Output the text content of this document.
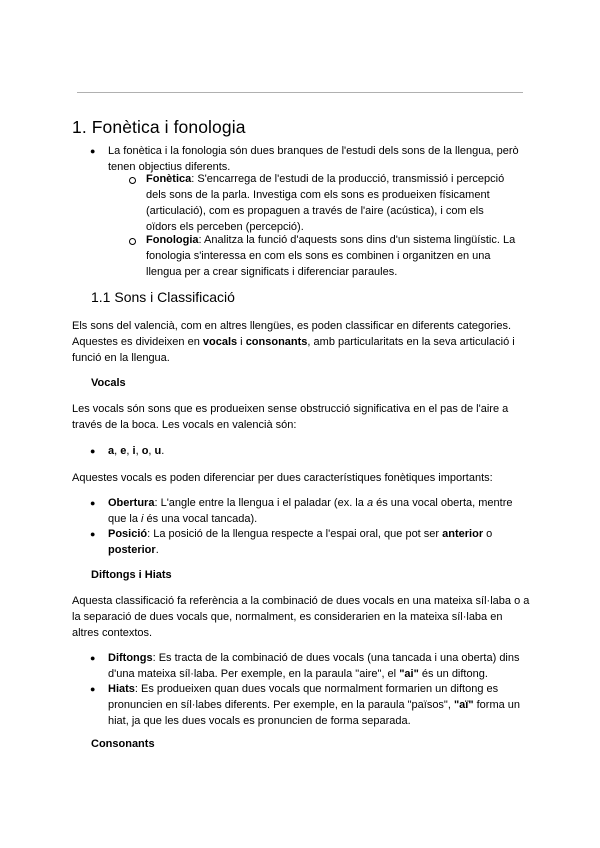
1. Fonètica i fonologia
● La fonètica i la fonologia són dues branques de l'estudi dels sons de la llengua, però tenen objectius diferents.
Fonètica: S'encarrega de l'estudi de la producció, transmissió i percepció dels sons de la parla. Investiga com els sons es produeixen físicament (articulació), com es propaguen a través de l'aire (acústica), i com els oïdors els perceben (percepció).
Fonologia: Analitza la funció d'aquests sons dins d'un sistema lingüístic. La fonologia s'interessa en com els sons es combinen i organitzen en una llengua per a crear significats i diferenciar paraules.
1.1 Sons i Classificació
Els sons del valencià, com en altres llengües, es poden classificar en diferents categories. Aquestes es divideixen en vocals i consonants, amb particularitats en la seva articulació i funció en la llengua.
Vocals
Les vocals són sons que es produeixen sense obstrucció significativa en el pas de l'aire a través de la boca. Les vocals en valencià són:
● a, e, i, o, u.
Aquestes vocals es poden diferenciar per dues característiques fonètiques importants:
● Obertura: L'angle entre la llengua i el paladar (ex. la a és una vocal oberta, mentre que la i és una vocal tancada).
● Posició: La posició de la llengua respecte a l'espai oral, que pot ser anterior o posterior.
Diftongs i Hiats
Aquesta classificació fa referència a la combinació de dues vocals en una mateixa síl·laba o a la separació de dues vocals que, normalment, es considerarien en la mateixa síl·laba en altres contextos.
● Diftongs: Es tracta de la combinació de dues vocals (una tancada i una oberta) dins d'una mateixa síl·laba. Per exemple, en la paraula "aire", el "ai" és un diftong.
● Hiats: Es produeixen quan dues vocals que normalment formarien un diftong es pronuncien en síl·labes diferents. Per exemple, en la paraula "països", "aï" forma un hiat, ja que les dues vocals es pronuncien de forma separada.
Consonants
